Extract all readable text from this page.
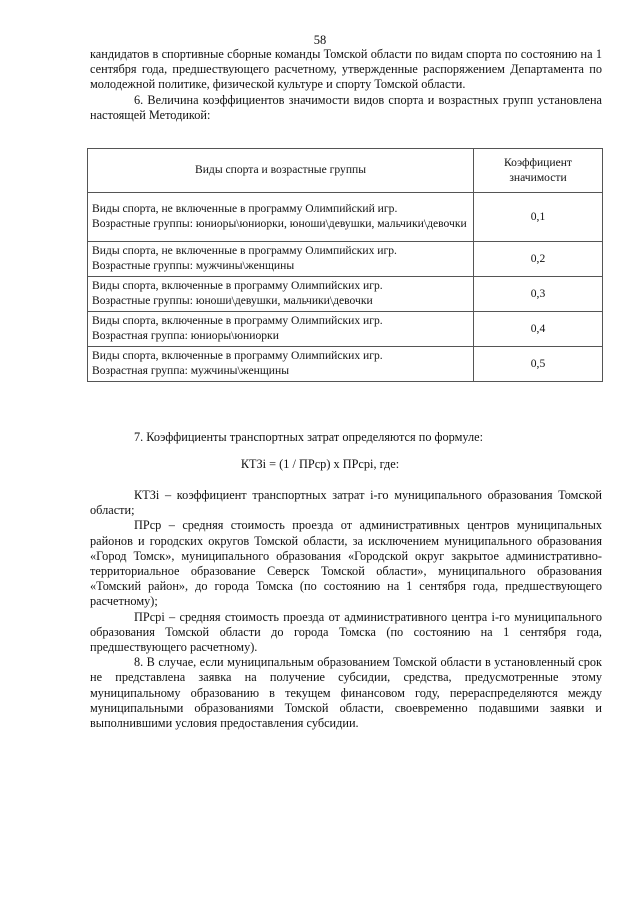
58

кандидатов в спортивные сборные команды Томской области по видам спорта по состоянию на 1 сентября года, предшествующего расчетному, утвержденные распоряжением Департамента по молодежной политике, физической культуре и спорту Томской области.

6. Величина коэффициентов значимости видов спорта и возрастных групп установлена настоящей Методикой:

Виды спорта и возрастные группы	Коэффициент значимости

Виды спорта, не включенные в программу Олимпийский игр.
Возрастные группы: юниоры\юниорки, юноши\девушки, мальчики\девочки	0,1

Виды спорта, не включенные в программу Олимпийских игр.
Возрастные группы: мужчины\женщины	0,2

Виды спорта, включенные в программу Олимпийских игр.
Возрастные группы: юноши\девушки, мальчики\девочки	0,3

Виды спорта, включенные в программу Олимпийских игр.
Возрастная группа: юниоры\юниорки	0,4

Виды спорта, включенные в программу Олимпийских игр.
Возрастная группа: мужчины\женщины	0,5

7. Коэффициенты транспортных затрат определяются по формуле:

КТЗi = (1 / ПРср) х ПРсрi, где:

КТЗi – коэффициент транспортных затрат i-го муниципального образования Томской области;

ПРср – средняя стоимость проезда от административных центров муниципальных районов и городских округов Томской области, за исключением муниципального образования «Город Томск», муниципального образования «Городской округ закрытое административно-территориальное образование Северск Томской области», муниципального образования «Томский район», до города Томска (по состоянию на 1 сентября года, предшествующего расчетному);

ПРсрi – средняя стоимость проезда от административного центра i-го муниципального образования Томской области до города Томска (по состоянию на 1 сентября года, предшествующего расчетному).

8. В случае, если муниципальным образованием Томской области в установленный срок не представлена заявка на получение субсидии, средства, предусмотренные этому муниципальному образованию в текущем финансовом году, перераспределяются между муниципальными образованиями Томской области, своевременно подавшими заявки и выполнившими условия предоставления субсидии.
